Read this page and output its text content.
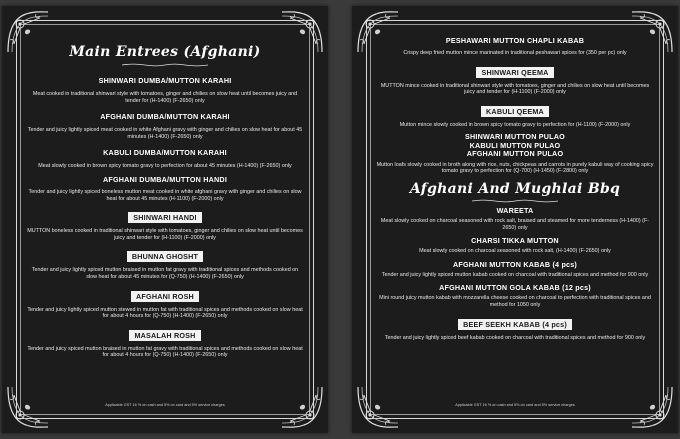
Main Entrees (Afghani)
SHINWARI DUMBA/MUTTON KARAHI
Meat cooked in traditional shinwari style with tomatoes, ginger and chilies on slow heat until becomes juicy and tender for (H-1400) (F-2650) only
AFGHANI DUMBA/MUTTON KARAHI
Tender and juicy lightly spiced meat cooked in white Afghani gravy with ginger and chilies on slow heat for about 45 minutes (H-1400) (F-2650) only
KABULI DUMBA/MUTTON KARAHI
Meat slowly cooked in brown spicy tomato gravy to perfection for about 45 minutes (H-1400) (F-2650) only
AFGHANI DUMBA/MUTTON HANDI
Tender and juicy lightly spiced boneless mutton meat cooked in white afghani gravy with ginger and chilies on slow heat for about 45 minutes (H-1100) (F-2000) only
SHINWARI HANDI
MUTTON boneless cooked in traditional shinwari style with tomatoes, ginger and chilies on slow heat until becomes juicy and tender for (H-1100) (F-2000) only
BHUNNA GHOSHT
Tender and juicy lightly spiced mutton braised in mutton fat gravy with traditional spices and methods cooked on slow heat for about 45 minutes for (Q-750) (H-1400) (F-2650) only
AFGHANI ROSH
Tender and juicy lightly spiced mutton stewed in mutton fat with traditional spices and methods cooked on slow heat for about 4 hours for (Q-750) (H-1400) (F-2650) only
MASALAH ROSH
Tender and juicy spiced mutton braised in mutton fat gravy with traditional spices and methods cooked on slow heat for about 4 hours for (Q-750) (H-1400) (F-2650) only
Applicable GST 16 % on cash and 5% on card and 5% service charges
PESHAWARI MUTTON CHAPLI KABAB
Crispy deep fried mutton mince marinated in traditional peshawari spices for (350 per pc) only
SHINWARI QEEMA
MUTTON mince cooked in traditional shinwari style with tomatoes, ginger and chilies on slow heat until becomes juicy and tender for (H-1100) (F-2000) only
KABULI QEEMA
Mutton mince slowly cooked in brown spicy tomato gravy to perfection for (H-1100) (F-2000) only
SHINWARI MUTTON PULAO
KABULI MUTTON PULAO
AFGHANI MUTTON PULAO
Mutton loafs slowly cooked in broth along with rice, nuts, chickpeas and carrots in purely kabuli way of cooking spicy tomato gravy to perfection for (Q-700) (H-1450) (F-2800) only
Afghani And Mughlai Bbq
WAREETA
Meat slowly cooked on charcoal seasoned with rock salt, braised and steamed for more tenderness (H-1400) (F-2650) only
CHARSI TIKKA MUTTON
Meat slowly cooked on charcoal seasoned with rock salt, (H-1400) (F-2650) only
AFGHANI MUTTON KABAB (4 pcs)
Tender and juicy lightly spiced mutton kabab cooked on charcoal with traditional spices and method for 900 only
AFGHANI MUTTON GOLA KABAB (12 pcs)
Mini round juicy mutton kabab with mozzarella cheese cooked on charcoal to perfection with traditional spices and method for 1050 only
BEEF SEEKH KABAB (4 pcs)
Tender and juicy lightly spiced beef kabab cooked on charcoal with traditional spices and method for 900 only
Applicable GST 16 % on cash and 5% on card and 5% service charges
